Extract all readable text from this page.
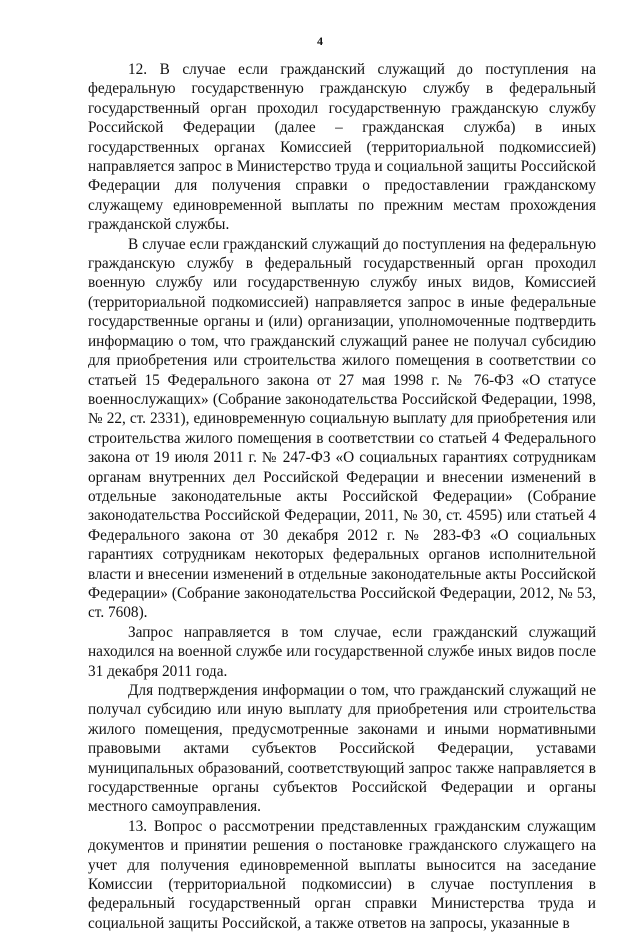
4

12. В случае если гражданский служащий до поступления на федеральную государственную гражданскую службу в федеральный государственный орган проходил государственную гражданскую службу Российской Федерации (далее – гражданская служба) в иных государственных органах Комиссией (территориальной подкомиссией) направляется запрос в Министерство труда и социальной защиты Российской Федерации для получения справки о предоставлении гражданскому служащему единовременной выплаты по прежним местам прохождения гражданской службы.

В случае если гражданский служащий до поступления на федеральную гражданскую службу в федеральный государственный орган проходил военную службу или государственную службу иных видов, Комиссией (территориальной подкомиссией) направляется запрос в иные федеральные государственные органы и (или) организации, уполномоченные подтвердить информацию о том, что гражданский служащий ранее не получал субсидию для приобретения или строительства жилого помещения в соответствии со статьей 15 Федерального закона от 27 мая 1998 г. № 76-ФЗ «О статусе военнослужащих» (Собрание законодательства Российской Федерации, 1998, № 22, ст. 2331), единовременную социальную выплату для приобретения или строительства жилого помещения в соответствии со статьей 4 Федерального закона от 19 июля 2011 г. № 247-ФЗ «О социальных гарантиях сотрудникам органам внутренних дел Российской Федерации и внесении изменений в отдельные законодательные акты Российской Федерации» (Собрание законодательства Российской Федерации, 2011, № 30, ст. 4595) или статьей 4 Федерального закона от 30 декабря 2012 г. № 283-ФЗ «О социальных гарантиях сотрудникам некоторых федеральных органов исполнительной власти и внесении изменений в отдельные законодательные акты Российской Федерации» (Собрание законодательства Российской Федерации, 2012, № 53, ст. 7608).

Запрос направляется в том случае, если гражданский служащий находился на военной службе или государственной службе иных видов после 31 декабря 2011 года.

Для подтверждения информации о том, что гражданский служащий не получал субсидию или иную выплату для приобретения или строительства жилого помещения, предусмотренные законами и иными нормативными правовыми актами субъектов Российской Федерации, уставами муниципальных образований, соответствующий запрос также направляется в государственные органы субъектов Российской Федерации и органы местного самоуправления.

13. Вопрос о рассмотрении представленных гражданским служащим документов и принятии решения о постановке гражданского служащего на учет для получения единовременной выплаты выносится на заседание Комиссии (территориальной подкомиссии) в случае поступления в федеральный государственный орган справки Министерства труда и социальной защиты Российской, а также ответов на запросы, указанные в
